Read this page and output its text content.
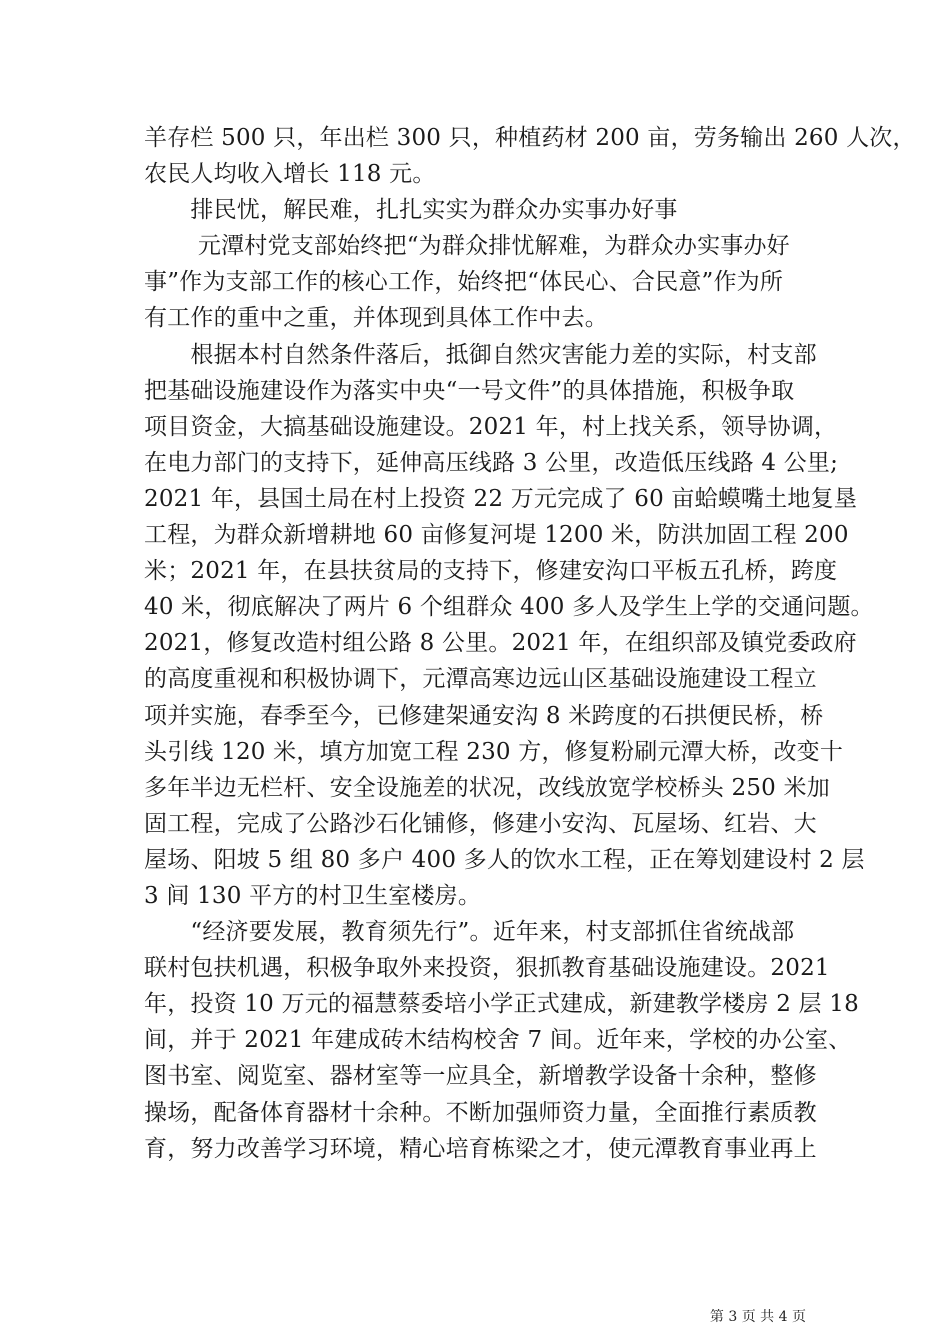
羊存栏 500 只，年出栏 300 只，种植药材 200 亩，劳务输出 260 人次，
农民人均收入增长 118 元。
　　排民忧，解民难，扎扎实实为群众办实事办好事
　　 元潭村党支部始终把“为群众排忧解难，为群众办实事办好
事”作为支部工作的核心工作，始终把“体民心、合民意”作为所
有工作的重中之重，并体现到具体工作中去。
　　根据本村自然条件落后，抵御自然灾害能力差的实际，村支部
把基础设施建设作为落实中央“一号文件”的具体措施，积极争取
项目资金，大搞基础设施建设。2021 年，村上找关系，领导协调，
在电力部门的支持下，延伸高压线路 3 公里，改造低压线路 4 公里;
2021 年，县国土局在村上投资 22 万元完成了 60 亩蛤蟆嘴土地复垦
工程，为群众新增耕地 60 亩修复河堤 1200 米，防洪加固工程 200
米；2021 年，在县扶贫局的支持下，修建安沟口平板五孔桥，跨度
40 米，彻底解决了两片 6 个组群众 400 多人及学生上学的交通问题。
2021，修复改造村组公路 8 公里。2021 年，在组织部及镇党委政府
的高度重视和积极协调下，元潭高寒边远山区基础设施建设工程立
项并实施，春季至今，已修建架通安沟 8 米跨度的石拱便民桥，桥
头引线 120 米，填方加宽工程 230 方，修复粉刷元潭大桥，改变十
多年半边无栏杆、安全设施差的状况，改线放宽学校桥头 250 米加
固工程，完成了公路沙石化铺修，修建小安沟、瓦屋场、红岩、大
屋场、阳坡 5 组 80 多户 400 多人的饮水工程，正在筹划建设村 2 层
3 间 130 平方的村卫生室楼房。
　　“经济要发展，教育须先行”。近年来，村支部抓住省统战部
联村包扶机遇，积极争取外来投资，狠抓教育基础设施建设。2021
年，投资 10 万元的福慧蔡委培小学正式建成，新建教学楼房 2 层 18
间，并于 2021 年建成砖木结构校舍 7 间。近年来，学校的办公室、
图书室、阅览室、器材室等一应具全，新增教学设备十余种，整修
操场，配备体育器材十余种。不断加强师资力量，全面推行素质教
育，努力改善学习环境，精心培育栋梁之才，使元潭教育事业再上
第 3 页 共 4 页
